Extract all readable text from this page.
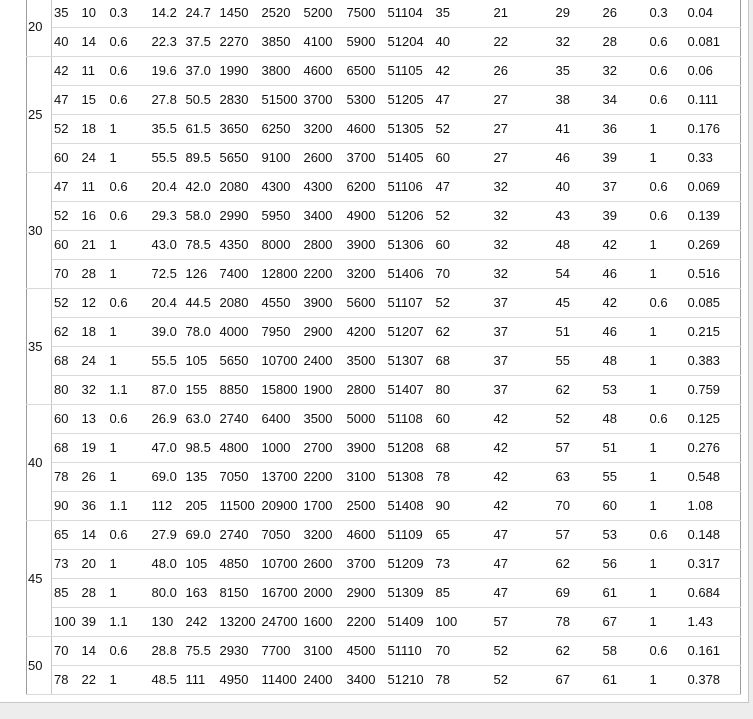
20	35	10	0.3	14.2	24.7	1450	2520	5200	7500	51104	35	21	29	26	0.3	0.04
	40	14	0.6	22.3	37.5	2270	3850	4100	5900	51204	40	22	32	28	0.6	0.081
25	42	11	0.6	19.6	37.0	1990	3800	4600	6500	51105	42	26	35	32	0.6	0.06
	47	15	0.6	27.8	50.5	2830	51500	3700	5300	51205	47	27	38	34	0.6	0.111
	52	18	1	35.5	61.5	3650	6250	3200	4600	51305	52	27	41	36	1	0.176
	60	24	1	55.5	89.5	5650	9100	2600	3700	51405	60	27	46	39	1	0.33
30	47	11	0.6	20.4	42.0	2080	4300	4300	6200	51106	47	32	40	37	0.6	0.069
	52	16	0.6	29.3	58.0	2990	5950	3400	4900	51206	52	32	43	39	0.6	0.139
	60	21	1	43.0	78.5	4350	8000	2800	3900	51306	60	32	48	42	1	0.269
	70	28	1	72.5	126	7400	12800	2200	3200	51406	70	32	54	46	1	0.516
35	52	12	0.6	20.4	44.5	2080	4550	3900	5600	51107	52	37	45	42	0.6	0.085
	62	18	1	39.0	78.0	4000	7950	2900	4200	51207	62	37	51	46	1	0.215
	68	24	1	55.5	105	5650	10700	2400	3500	51307	68	37	55	48	1	0.383
	80	32	1.1	87.0	155	8850	15800	1900	2800	51407	80	37	62	53	1	0.759
40	60	13	0.6	26.9	63.0	2740	6400	3500	5000	51108	60	42	52	48	0.6	0.125
	68	19	1	47.0	98.5	4800	1000	2700	3900	51208	68	42	57	51	1	0.276
	78	26	1	69.0	135	7050	13700	2200	3100	51308	78	42	63	55	1	0.548
	90	36	1.1	112	205	11500	20900	1700	2500	51408	90	42	70	60	1	1.08
45	65	14	0.6	27.9	69.0	2740	7050	3200	4600	51109	65	47	57	53	0.6	0.148
	73	20	1	48.0	105	4850	10700	2600	3700	51209	73	47	62	56	1	0.317
	85	28	1	80.0	163	8150	16700	2000	2900	51309	85	47	69	61	1	0.684
	100	39	1.1	130	242	13200	24700	1600	2200	51409	100	57	78	67	1	1.43
50	70	14	0.6	28.8	75.5	2930	7700	3100	4500	51110	70	52	62	58	0.6	0.161
	78	22	1	48.5	111	4950	11400	2400	3400	51210	78	52	67	61	1	0.378
